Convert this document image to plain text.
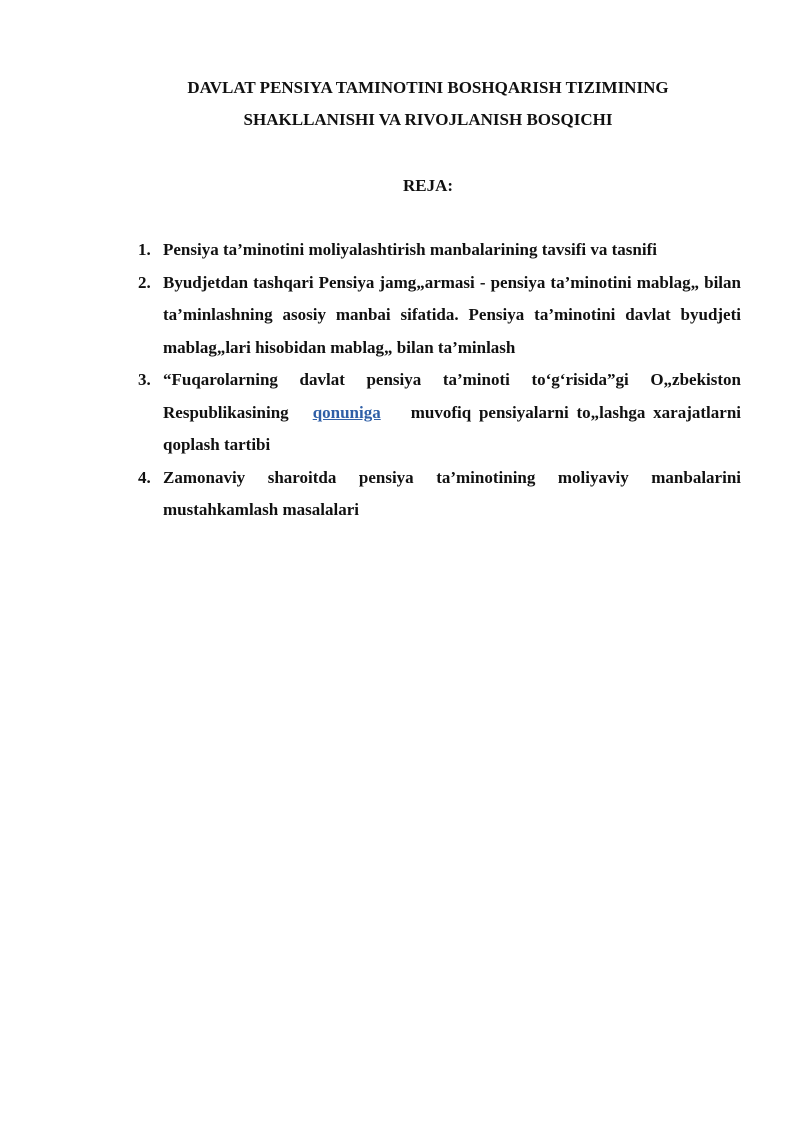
DAVLAT PENSIYA TAMINOTINI BOSHQARISH TIZIMINING
SHAKLLANISHI VA RIVOJLANISH BOSQICHI
REJA:
1. Pensiya ta’minotini moliyalashtirish manbalarining tavsifi va tasnifi
2. Byudjetdan tashqari Pensiya jamg„armasi - pensiya ta’minotini mablag„ bilan ta’minlashning asosiy manbai sifatida. Pensiya ta’minotini davlat byudjeti mablag„lari hisobidan mablag„ bilan ta’minlash
3. “Fuqarolarning davlat pensiya ta’minoti to‘g‘risida”gi O„zbekiston Respublikasining qonuniga muvofiq pensiyalarni to„lashga xarajatlarni qoplash tartibi
4. Zamonaviy sharoitda pensiya ta’minotining moliyaviy manbalarini mustahkamlash masalalari
